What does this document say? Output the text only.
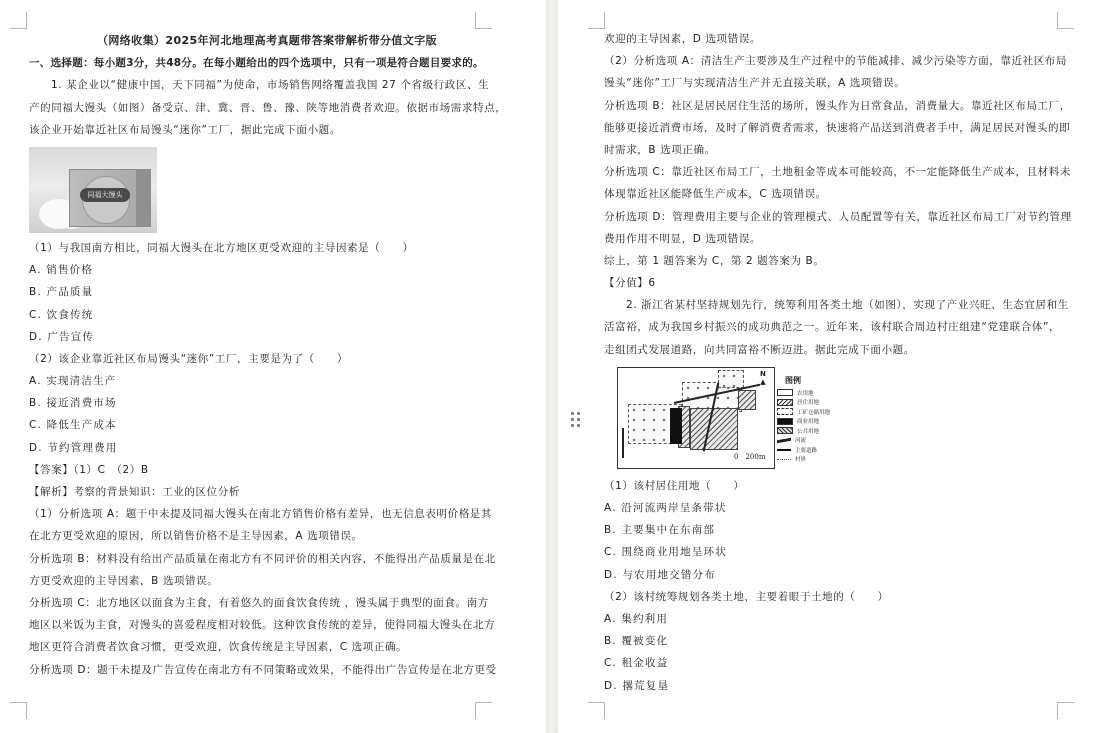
（网络收集）2025年河北地理高考真题带答案带解析带分值文字版
一、选择题：每小题3分，共48分。在每小题给出的四个选项中，只有一项是符合题目要求的。
1. 某企业以“健康中国，天下同福”为使命，市场销售网络覆盖我国 27 个省级行政区、生
产的同福大馒头（如图）备受京、津、冀、晋、鲁、豫、陕等地消费者欢迎。依据市场需求特点，
该企业开始靠近社区布局馒头“迷你”工厂，据此完成下面小题。
同福大馒头
（1）与我国南方相比，同福大馒头在北方地区更受欢迎的主导因素是（　　）
A. 销售价格
B. 产品质量
C. 饮食传统
D. 广告宣传
（2）该企业靠近社区布局馒头“迷你”工厂，主要是为了（　　）
A. 实现清洁生产
B. 接近消费市场
C. 降低生产成本
D. 节约管理费用
【答案】（1）C　（2）B
【解析】考察的背景知识：工业的区位分析
（1）分析选项 A：题干中未提及同福大馒头在南北方销售价格有差异，也无信息表明价格是其
在北方更受欢迎的原因，所以销售价格不是主导因素，A 选项错误。
分析选项 B：材料没有给出产品质量在南北方有不同评价的相关内容，不能得出产品质量是在北
方更受欢迎的主导因素，B 选项错误。
分析选项 C：北方地区以面食为主食，有着悠久的面食饮食传统 ，馒头属于典型的面食。南方
地区以米饭为主食，对馒头的喜爱程度相对较低。这种饮食传统的差异，使得同福大馒头在北方
地区更符合消费者饮食习惯，更受欢迎，饮食传统是主导因素，C 选项正确。
分析选项 D：题干未提及广告宣传在南北方有不同策略或效果，不能得出广告宣传是在北方更受
欢迎的主导因素，D 选项错误。
（2）分析选项 A：清洁生产主要涉及生产过程中的节能减排、减少污染等方面，靠近社区布局
馒头“迷你”工厂与实现清洁生产并无直接关联，A 选项错误。
分析选项 B：社区是居民居住生活的场所，馒头作为日常食品，消费量大。靠近社区布局工厂，
能够更接近消费市场，及时了解消费者需求，快速将产品送到消费者手中，满足居民对馒头的即
时需求，B 选项正确。
分析选项 C：靠近社区布局工厂，土地租金等成本可能较高，不一定能降低生产成本，且材料未
体现靠近社区能降低生产成本，C 选项错误。
分析选项 D：管理费用主要与企业的管理模式、人员配置等有关，靠近社区布局工厂对节约管理
费用作用不明显，D 选项错误。
综上，第 1 题答案为 C，第 2 题答案为 B。
【分值】6
2. 浙江省某村坚持规划先行，统筹利用各类土地（如图），实现了产业兴旺、生态宜居和生
活富裕，成为我国乡村振兴的成功典范之一。近年来，该村联合周边村庄组建“党建联合体”，
走组团式发展道路，向共同富裕不断迈进。据此完成下面小题。
N
▲
0　200m
图例
农用地
居住用地
工矿仓储用地
商业用地
公共用地
河流
主要道路
村界
（1）该村居住用地（　　）
A. 沿河流两岸呈条带状
B. 主要集中在东南部
C. 围绕商业用地呈环状
D. 与农用地交错分布
（2）该村统筹规划各类土地，主要着眼于土地的（　　）
A. 集约利用
B. 覆被变化
C. 租金收益
D. 撂荒复垦
